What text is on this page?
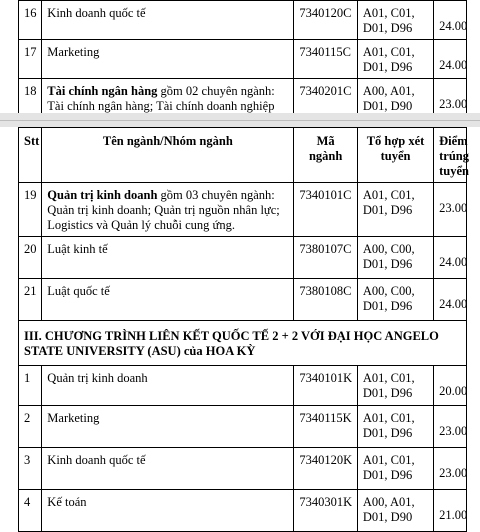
16	Kinh doanh quốc tế	7340120C	A01, C01,
D01, D96	24.00
17	Marketing	7340115C	A01, C01,
D01, D96	24.00
18	Tài chính ngân hàng gồm 02 chuyên ngành: Tài chính ngân hàng; Tài chính doanh nghiệp	7340201C	A00, A01,
D01, D90	23.00
Stt	Tên ngành/Nhóm ngành	Mã ngành	Tổ hợp xét tuyển	Điểm trúng tuyển
19	Quản trị kinh doanh gồm 03 chuyên ngành: Quản trị kinh doanh; Quản trị nguồn nhân lực; Logistics và Quản lý chuỗi cung ứng.	7340101C	A01, C01,
D01, D96	23.00
20	Luật kinh tế	7380107C	A00, C00,
D01, D96	24.00
21	Luật quốc tế	7380108C	A00, C00,
D01, D96	24.00
III. CHƯƠNG TRÌNH LIÊN KẾT QUỐC TẾ 2 + 2 VỚI ĐẠI HỌC ANGELO STATE UNIVERSITY (ASU) của HOA KỲ				
1	Quản trị kinh doanh	7340101K	A01, C01,
D01, D96	20.00
2	Marketing	7340115K	A01, C01,
D01, D96	23.00
3	Kinh doanh quốc tế	7340120K	A01, C01,
D01, D96	23.00
4	Kế toán	7340301K	A00, A01,
D01, D90	21.00
